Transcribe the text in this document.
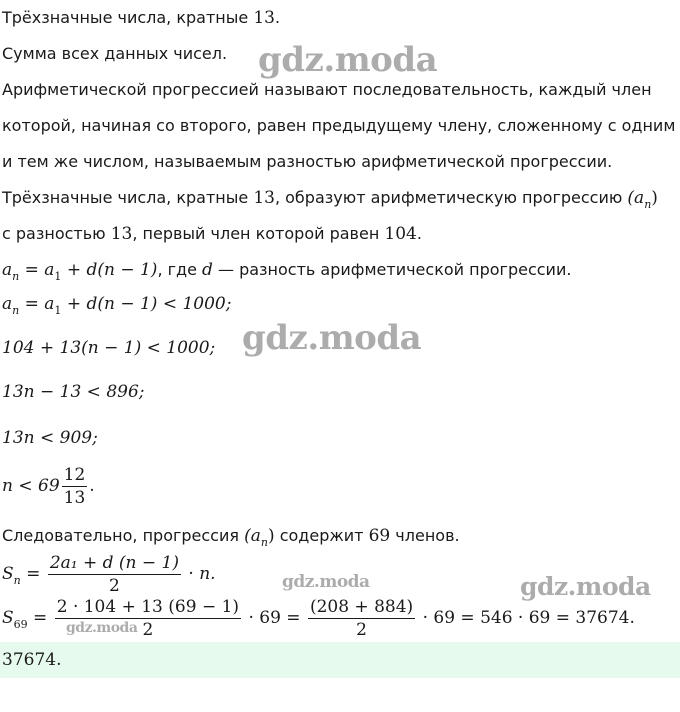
Трёхзначные числа, кратные 13.
Сумма всех данных чисел.
Арифметической прогрессией называют последовательность, каждый член
которой, начиная со второго, равен предыдущему члену, сложенному с одним
и тем же числом, называемым разностью арифметической прогрессии.
Трёхзначные числа, кратные 13, образуют арифметическую прогрессию $(a_n)$
с разностью 13, первый член которой равен 104.
$a_n = a_1 + d(n - 1)$, где d — разность арифметической прогрессии.
$a_n = a_1 + d(n - 1) < 1000$;
104 + 13(n − 1) < 1000;
13n − 13 < 896;
13n < 909;
$n < 69 \frac{12}{13}$ .
Следовательно, прогрессия $(a_n)$ содержит 69 членов.
$S_n = \frac{\text{2a₁ + d (n − 1)}}{2} \cdot n$.
$S_{69} = \frac{2 \cdot 104 + 13 (69 - 1)}{2} \cdot 69 = \frac{(208 + 884)}{2} \cdot 69 = 546 \cdot 69 = 37674$.
37674.
gdz.moda
gdz.moda
gdz.moda	gdz.moda
gdz.moda
